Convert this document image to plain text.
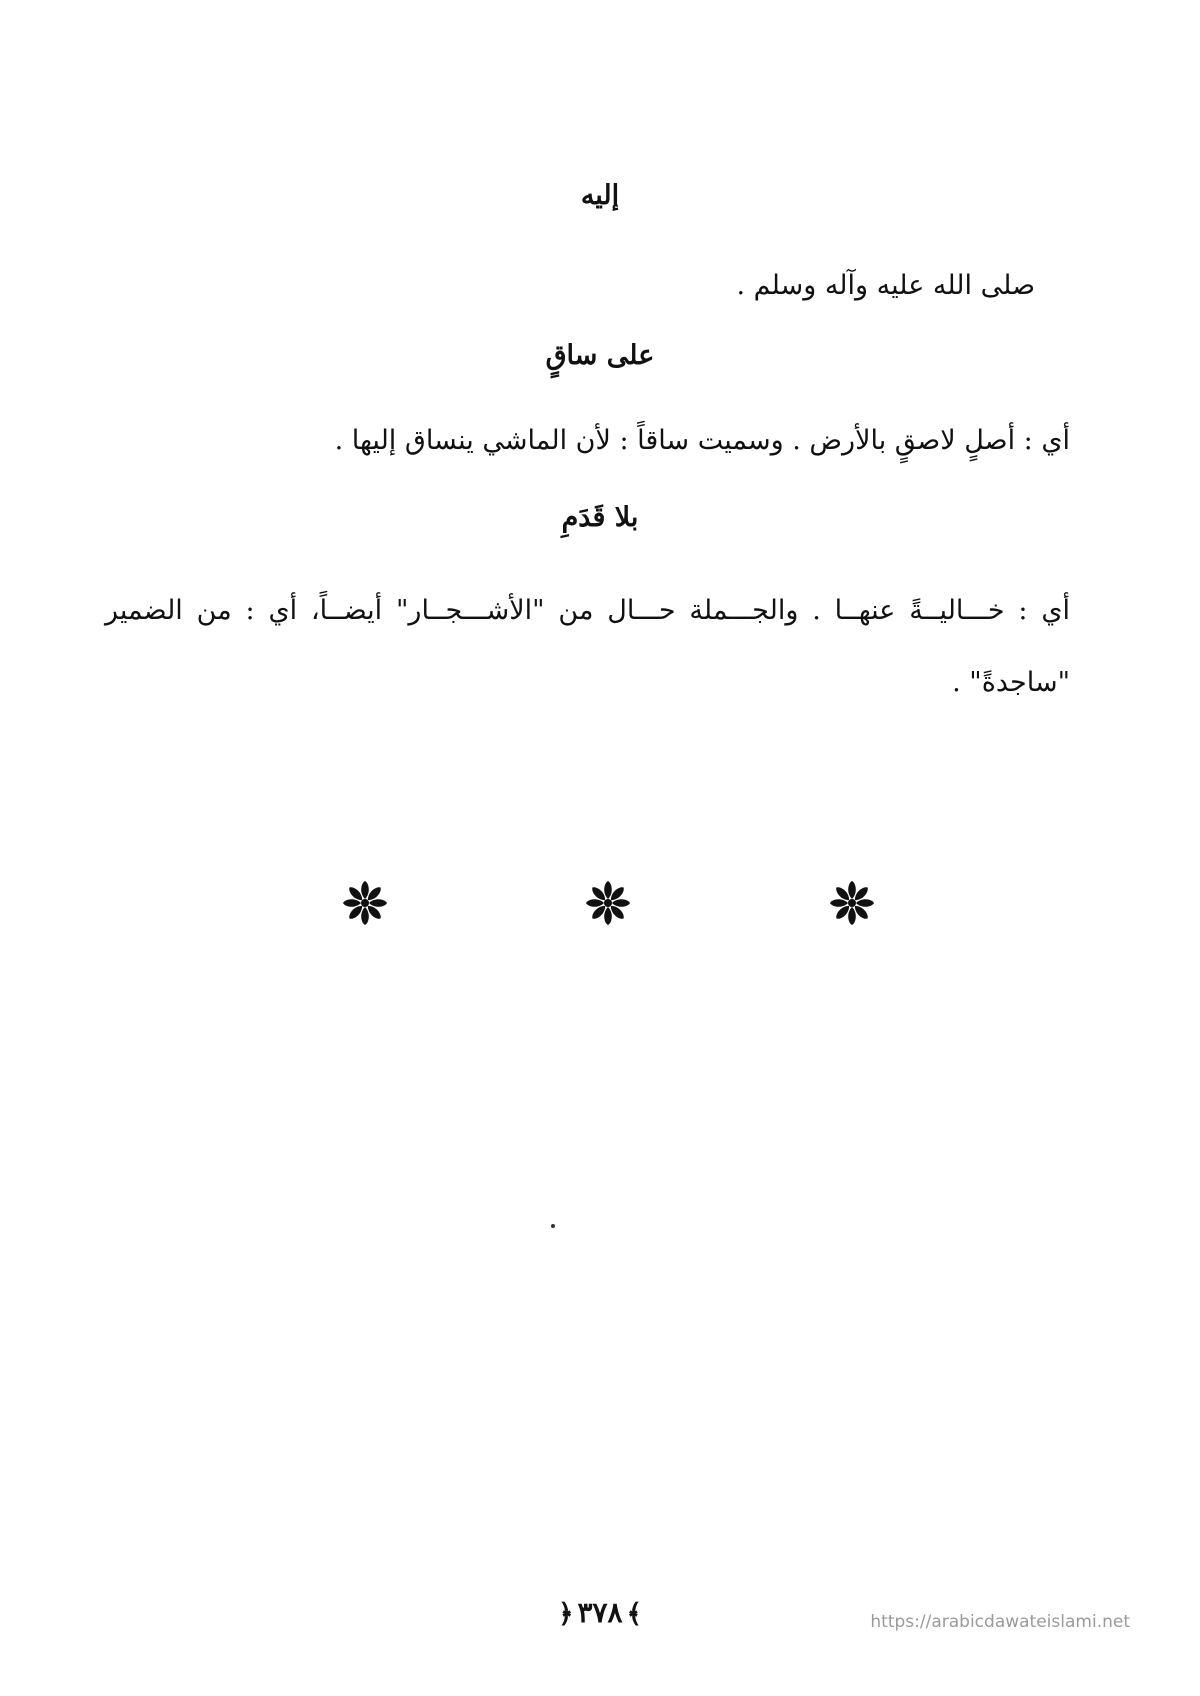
إليه
صلى الله عليه وآله وسلم .
على ساقٍ
أي : أصلٍ لاصقٍ بالأرض . وسميت ساقاً : لأن الماشي ينساق إليها .
بلا قَدَمِ
أي : خـــاليــةً عنهــا . والجـــملة حـــال من "الأشـــجــار" أيضــاً، أي : من الضمير "ساجدةً" .
﴿ ٣٧٨ ﴾	https://arabicdawateislami.net
